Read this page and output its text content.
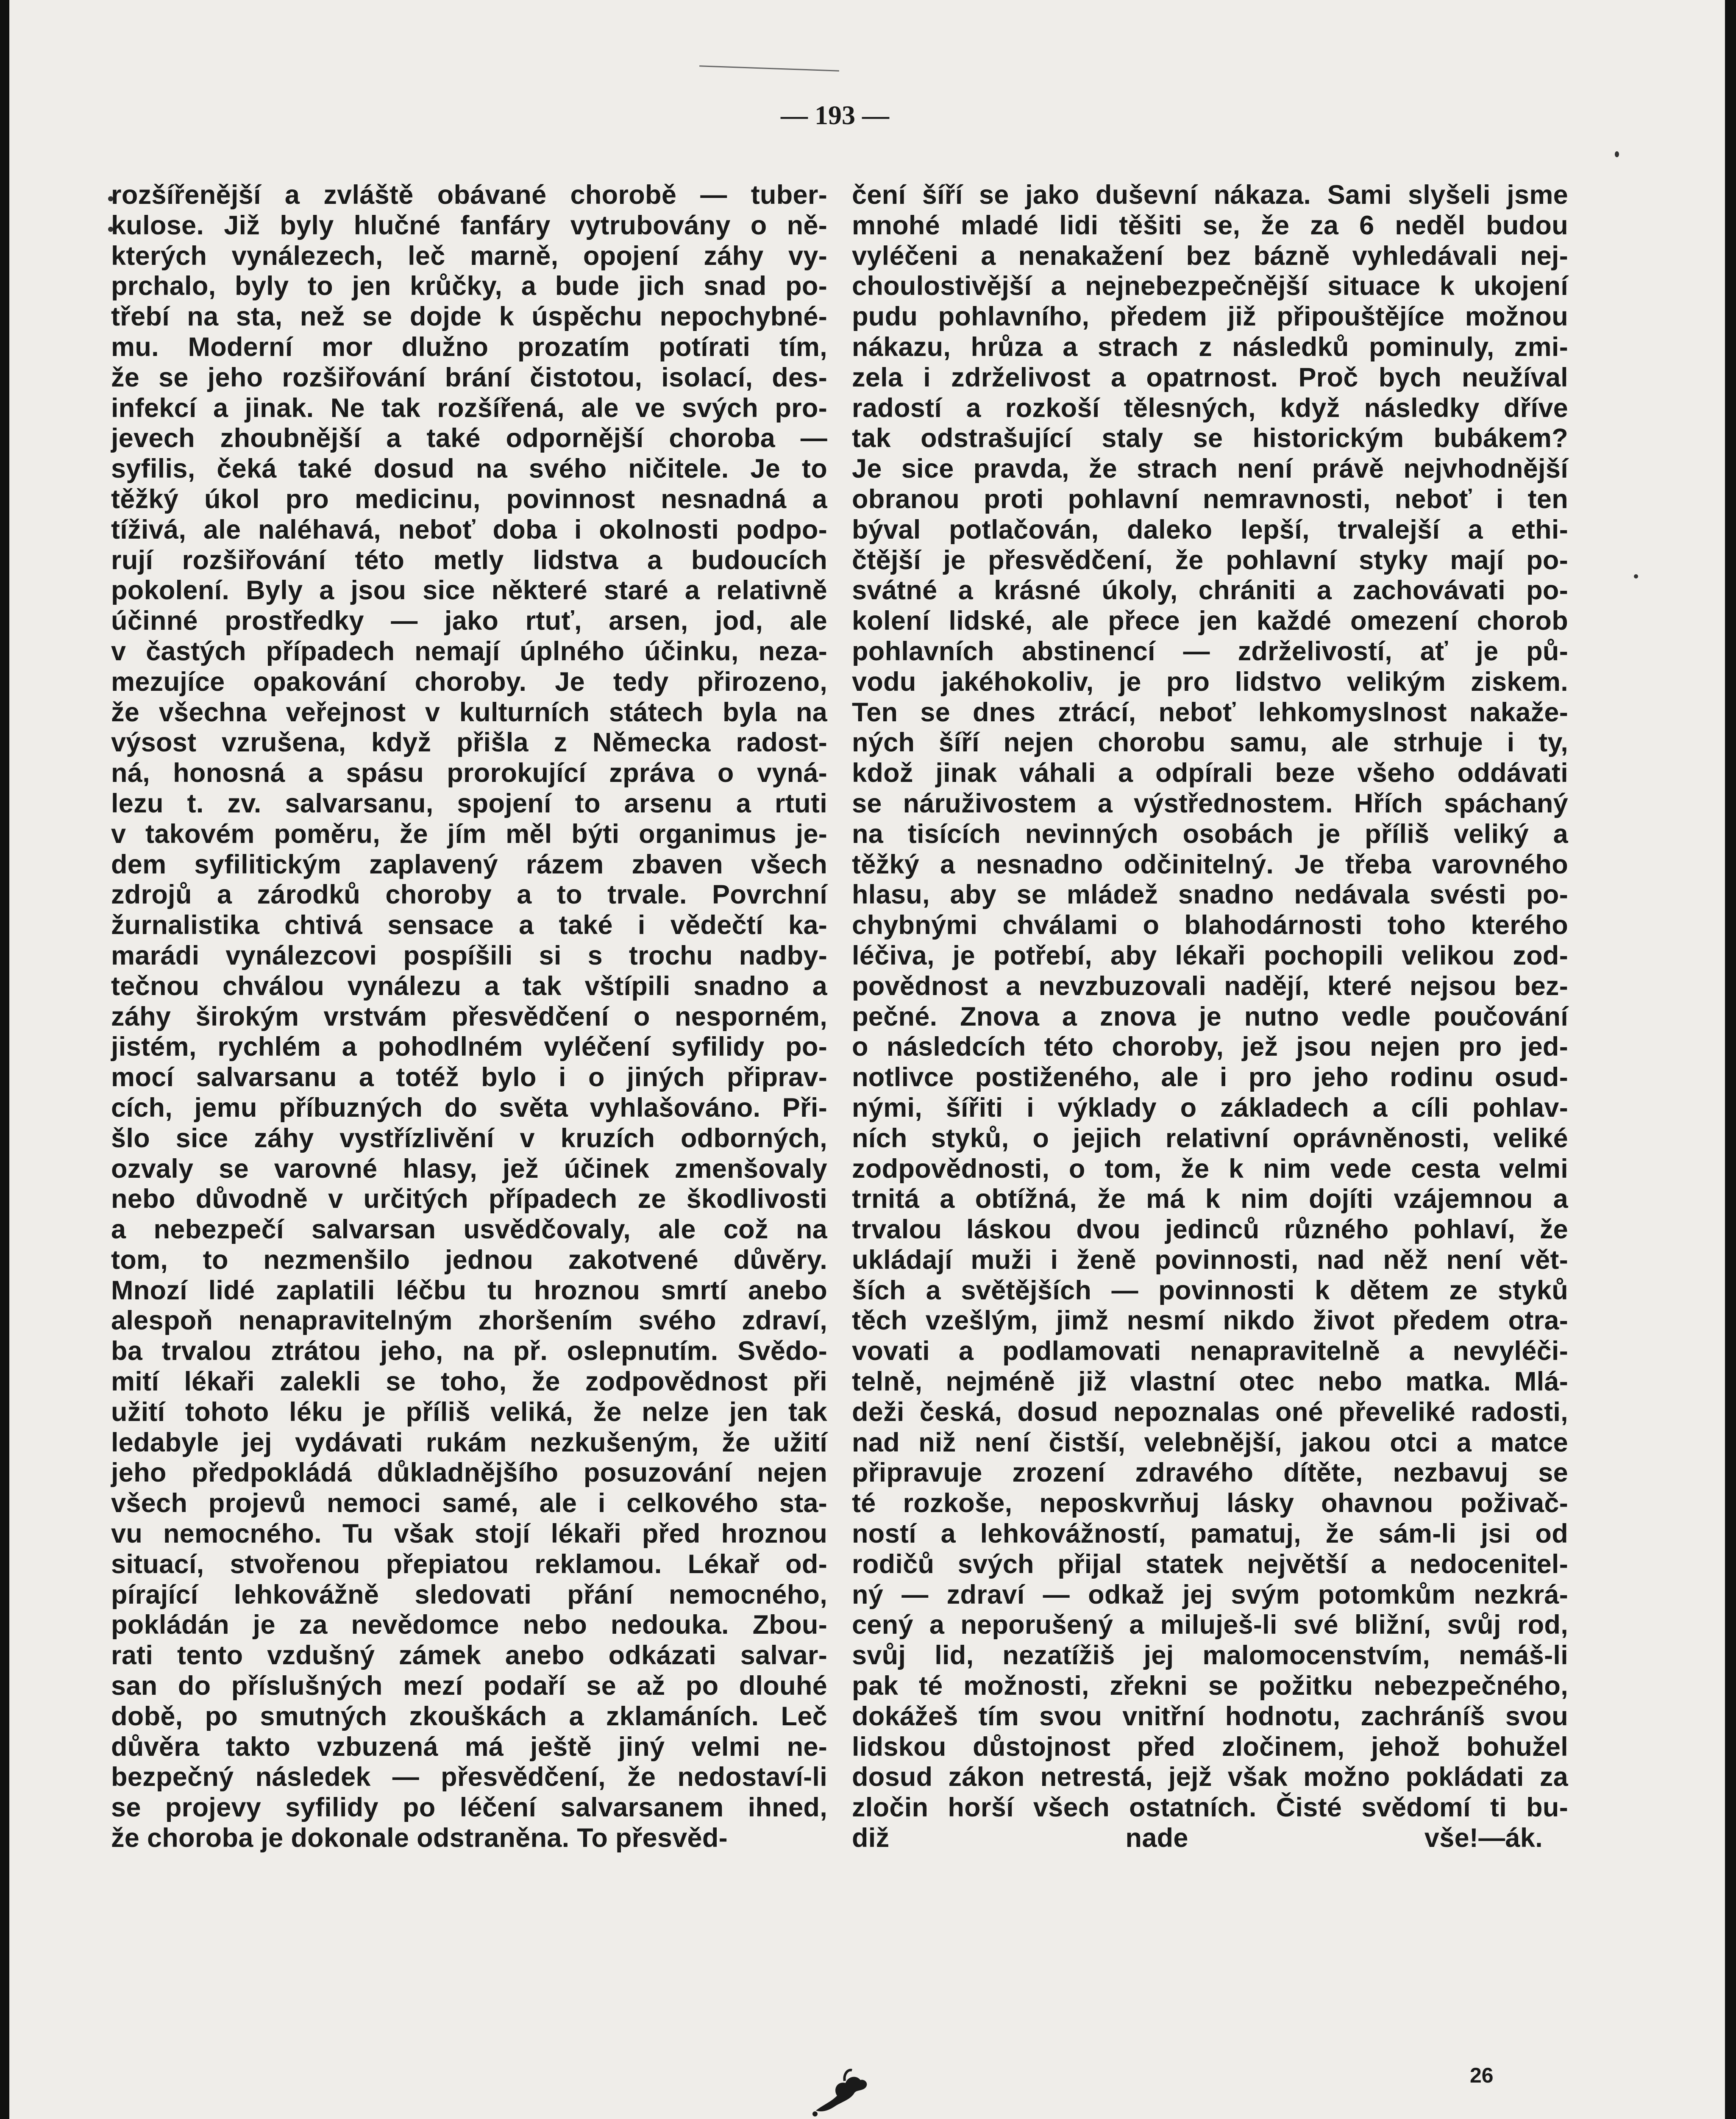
— 193 —
rozšířenější a zvláště obávané chorobě — tuber-
kulose. Již byly hlučné fanfáry vytrubovány o ně-
kterých vynálezech, leč marně, opojení záhy vy-
prchalo, byly to jen krůčky, a bude jich snad po-
třebí na sta, než se dojde k úspěchu nepochybné-
mu. Moderní mor dlužno prozatím potírati tím,
že se jeho rozšiřování brání čistotou, isolací, des-
infekcí a jinak. Ne tak rozšířená, ale ve svých pro-
jevech zhoubnější a také odpornější choroba —
syfilis, čeká také dosud na svého ničitele. Je to
těžký úkol pro medicinu, povinnost nesnadná a
tíživá, ale naléhavá, neboť doba i okolnosti podpo-
rují rozšiřování této metly lidstva a budoucích
pokolení. Byly a jsou sice některé staré a relativně
účinné prostředky — jako rtuť, arsen, jod, ale
v častých případech nemají úplného účinku, neza-
mezujíce opakování choroby. Je tedy přirozeno,
že všechna veřejnost v kulturních státech byla na
výsost vzrušena, když přišla z Německa radost-
ná, honosná a spásu prorokující zpráva o vyná-
lezu t. zv. salvarsanu, spojení to arsenu a rtuti
v takovém poměru, že jím měl býti organimus je-
dem syfilitickým zaplavený rázem zbaven všech
zdrojů a zárodků choroby a to trvale. Povrchní
žurnalistika chtivá sensace a také i vědečtí ka-
marádi vynálezcovi pospíšili si s trochu nadby-
tečnou chválou vynálezu a tak vštípili snadno a
záhy širokým vrstvám přesvědčení o nesporném,
jistém, rychlém a pohodlném vyléčení syfilidy po-
mocí salvarsanu a totéž bylo i o jiných připrav-
cích, jemu příbuzných do světa vyhlašováno. Při-
šlo sice záhy vystřízlivění v kruzích odborných,
ozvaly se varovné hlasy, jež účinek zmenšovaly
nebo důvodně v určitých případech ze škodlivosti
a nebezpečí salvarsan usvědčovaly, ale což na
tom, to nezmenšilo jednou zakotvené důvěry.
Mnozí lidé zaplatili léčbu tu hroznou smrtí anebo
alespoň nenapravitelným zhoršením svého zdraví,
ba trvalou ztrátou jeho, na př. oslepnutím. Svědo-
mití lékaři zalekli se toho, že zodpovědnost při
užití tohoto léku je příliš veliká, že nelze jen tak
ledabyle jej vydávati rukám nezkušeným, že užití
jeho předpokládá důkladnějšího posuzování nejen
všech projevů nemoci samé, ale i celkového sta-
vu nemocného. Tu však stojí lékaři před hroznou
situací, stvořenou přepiatou reklamou. Lékař od-
pírající lehkovážně sledovati přání nemocného,
pokládán je za nevědomce nebo nedouka. Zbou-
rati tento vzdušný zámek anebo odkázati salvar-
san do příslušných mezí podaří se až po dlouhé
době, po smutných zkouškách a zklamáních. Leč
důvěra takto vzbuzená má ještě jiný velmi ne-
bezpečný následek — přesvědčení, že nedostaví-li
se projevy syfilidy po léčení salvarsanem ihned,
že choroba je dokonale odstraněna. To přesvěd-
čení šíří se jako duševní nákaza. Sami slyšeli jsme
mnohé mladé lidi těšiti se, že za 6 neděl budou
vyléčeni a nenakažení bez bázně vyhledávali nej-
choulostivější a nejnebezpečnější situace k ukojení
pudu pohlavního, předem již připouštějíce možnou
nákazu, hrůza a strach z následků pominuly, zmi-
zela i zdrželivost a opatrnost. Proč bych neužíval
radostí a rozkoší tělesných, když následky dříve
tak odstrašující staly se historickým bubákem?
Je sice pravda, že strach není právě nejvhodnější
obranou proti pohlavní nemravnosti, neboť i ten
býval potlačován, daleko lepší, trvalejší a ethi-
čtější je přesvědčení, že pohlavní styky mají po-
svátné a krásné úkoly, chrániti a zachovávati po-
kolení lidské, ale přece jen každé omezení chorob
pohlavních abstinencí — zdrželivostí, ať je pů-
vodu jakéhokoliv, je pro lidstvo velikým ziskem.
Ten se dnes ztrácí, neboť lehkomyslnost nakaže-
ných šíří nejen chorobu samu, ale strhuje i ty,
kdož jinak váhali a odpírali beze všeho oddávati
se náruživostem a výstřednostem. Hřích spáchaný
na tisících nevinných osobách je příliš veliký a
těžký a nesnadno odčinitelný. Je třeba varovného
hlasu, aby se mládež snadno nedávala svésti po-
chybnými chválami o blahodárnosti toho kterého
léčiva, je potřebí, aby lékaři pochopili velikou zod-
povědnost a nevzbuzovali nadějí, které nejsou bez-
pečné. Znova a znova je nutno vedle poučování
o následcích této choroby, jež jsou nejen pro jed-
notlivce postiženého, ale i pro jeho rodinu osud-
nými, šířiti i výklady o základech a cíli pohlav-
ních styků, o jejich relativní oprávněnosti, veliké
zodpovědnosti, o tom, že k nim vede cesta velmi
trnitá a obtížná, že má k nim dojíti vzájemnou a
trvalou láskou dvou jedinců různého pohlaví, že
ukládají muži i ženě povinnosti, nad něž není vět-
ších a světějších — povinnosti k dětem ze styků
těch vzešlým, jimž nesmí nikdo život předem otra-
vovati a podlamovati nenapravitelně a nevyléči-
telně, nejméně již vlastní otec nebo matka. Mlá-
deži česká, dosud nepoznalas oné převeliké radosti,
nad niž není čistší, velebnější, jakou otci a matce
připravuje zrození zdravého dítěte, nezbavuj se
té rozkoše, neposkvrňuj lásky ohavnou poživač-
ností a lehkovážností, pamatuj, že sám-li jsi od
rodičů svých přijal statek největší a nedocenitel-
ný — zdraví — odkaž jej svým potomkům nezkrá-
cený a neporušený a miluješ-li své bližní, svůj rod,
svůj lid, nezatížiš jej malomocenstvím, nemáš-li
pak té možnosti, zřekni se požitku nebezpečného,
dokážeš tím svou vnitřní hodnotu, zachráníš svou
lidskou důstojnost před zločinem, jehož bohužel
dosud zákon netrestá, jejž však možno pokládati za
zločin horší všech ostatních. Čisté svědomí ti bu-
diž nade vše! —ák.
26
